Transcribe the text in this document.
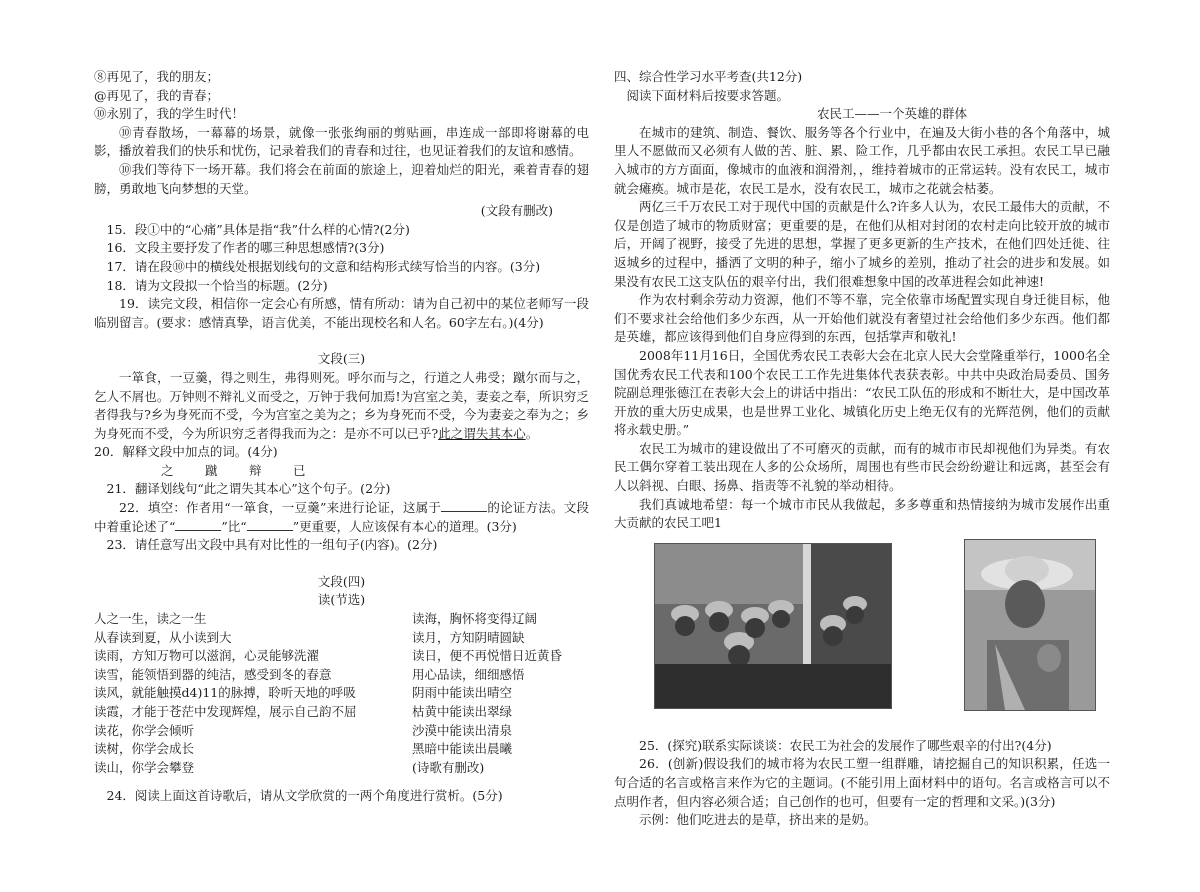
⑧再见了，我的朋友；

@再见了，我的青春；

⑩永别了，我的学生时代！

⑩青春散场，一幕幕的场景，就像一张张绚丽的剪贴画，串连成一部即将谢幕的电影，播放着我们的快乐和忧伤，记录着我们的青春和过往，也见证着我们的友谊和感情。

⑩我们等待下一场开幕。我们将会在前面的旅途上，迎着灿烂的阳光，乘着青春的翅膀，勇敢地飞向梦想的天堂。

(文段有删改)

15．段①中的“心痛”具体是指“我”什么样的心情?(2分)

16．文段主要抒发了作者的哪三种思想感情?(3分)

17．请在段⑩中的横线处根据划线句的文意和结构形式续写恰当的内容。(3分)

18．请为文段拟一个恰当的标题。(2分)

19．读完文段，相信你一定会心有所感，情有所动：请为自己初中的某位老师写一段临别留言。(要求：感情真挚，语言优美，不能出现校名和人名。60字左右。)(4分)

文段(三)

一箪食，一豆羹，得之则生，弗得则死。呼尔而与之，行道之人弗受；蹴尔而与之，乞人不屑也。万钟则不辩礼义而受之，万钟于我何加焉!为宫室之美，妻妾之奉，所识穷乏者得我与?乡为身死而不受，今为宫室之美为之；乡为身死而不受，今为妻妾之奉为之；乡为身死而不受，今为所识穷乏者得我而为之：是亦不可以已乎?此之谓失其本心。

20．解释文段中加点的词。(4分)

之	蹴	辩	已

21．翻译划线句“此之谓失其本心”这个句子。(2分)

22．填空：作者用“一箪食，一豆羹”来进行论证，这属于	的论证方法。文段中着重论述了“	”比“	”更重要，人应该保有本心的道理。(3分)

23．请任意写出文段中具有对比性的一组句子(内容)。(2分)

文段(四)

读(节选)

人之一生，读之一生
从春读到夏，从小读到大
读雨，方知万物可以滋润，心灵能够洗濯
读雪，能领悟到器的纯洁，感受到冬的春意
读风，就能触摸d4)11的脉搏，聆听天地的呼吸
读霞，才能于苍茫中发现辉煌，展示自己韵不屈
读花，你学会倾听
读树，你学会成长
读山，你学会攀登
读海，胸怀将变得辽阔
读月，方知阴晴圆缺
读日，便不再悦惜日近黄昏
用心品读，细细感悟
阴雨中能读出晴空
枯黄中能读出翠绿
沙漠中能读出清泉
黑暗中能读出晨曦
(诗歌有删改)

24．阅读上面这首诗歌后，请从文学欣赏的一两个角度进行赏析。(5分)

四、综合性学习水平考查(共12分)

阅读下面材料后按要求答题。

农民工——一个英雄的群体

在城市的建筑、制造、餐饮、服务等各个行业中，在遍及大街小巷的各个角落中，城里人不愿做而又必须有人做的苦、脏、累、险工作，几乎都由农民工承担。农民工早已融入城市的方方面面，像城市的血液和润滑剂，，维持着城市的正常运转。没有农民工，城市就会瘫痪。城市是花，农民工是水，没有农民工，城市之花就会枯萎。

两亿三千万农民工对于现代中国的贡献是什么?许多人认为，农民工最伟大的贡献，不仅是创造了城市的物质财富；更重要的是，在他们从相对封闭的农村走向比较开放的城市后，开阔了视野，接受了先进的思想，掌握了更多更新的生产技术，在他们四处迁徙、往返城乡的过程中，播洒了文明的种子，缩小了城乡的差别，推动了社会的进步和发展。如果没有农民工这支队伍的艰辛付出，我们很难想象中国的改革进程会如此神速!

作为农村剩余劳动力资源，他们不等不靠，完全依靠市场配置实现自身迁徙目标，他们不要求社会给他们多少东西，从一开始他们就没有奢望过社会给他们多少东西。他们都是英雄，都应该得到他们自身应得到的东西，包括掌声和敬礼!

2008年11月16日，全国优秀农民工表彰大会在北京人民大会堂隆重举行，1000名全国优秀农民工代表和100个农民工工作先进集体代表获表彰。中共中央政治局委员、国务院副总理张德江在表彰大会上的讲话中指出：“农民工队伍的形成和不断壮大，是中国改革开放的重大历史成果，也是世界工业化、城镇化历史上绝无仅有的光辉范例，他们的贡献将永载史册。”

农民工为城市的建设做出了不可磨灭的贡献，而有的城市市民却视他们为异类。有农民工偶尔穿着工装出现在人多的公众场所，周围也有些市民会纷纷避让和远离，甚至会有人以斜视、白眼、扬鼻、指责等不礼貌的举动相待。

我们真诚地希望：每一个城市市民从我做起，多多尊重和热情接纳为城市发展作出重大贡献的农民工吧1

25．(探究)联系实际谈谈：农民工为社会的发展作了哪些艰辛的付出?(4分)

26．(创新)假设我们的城市将为农民工塑一组群雕，请挖掘自己的知识积累，任选一句合适的名言或格言来作为它的主题词。(不能引用上面材料中的语句。名言或格言可以不点明作者，但内容必须合适；自己创作的也可，但要有一定的哲理和文采。)(3分)

示例：他们吃进去的是草，挤出来的是奶。
